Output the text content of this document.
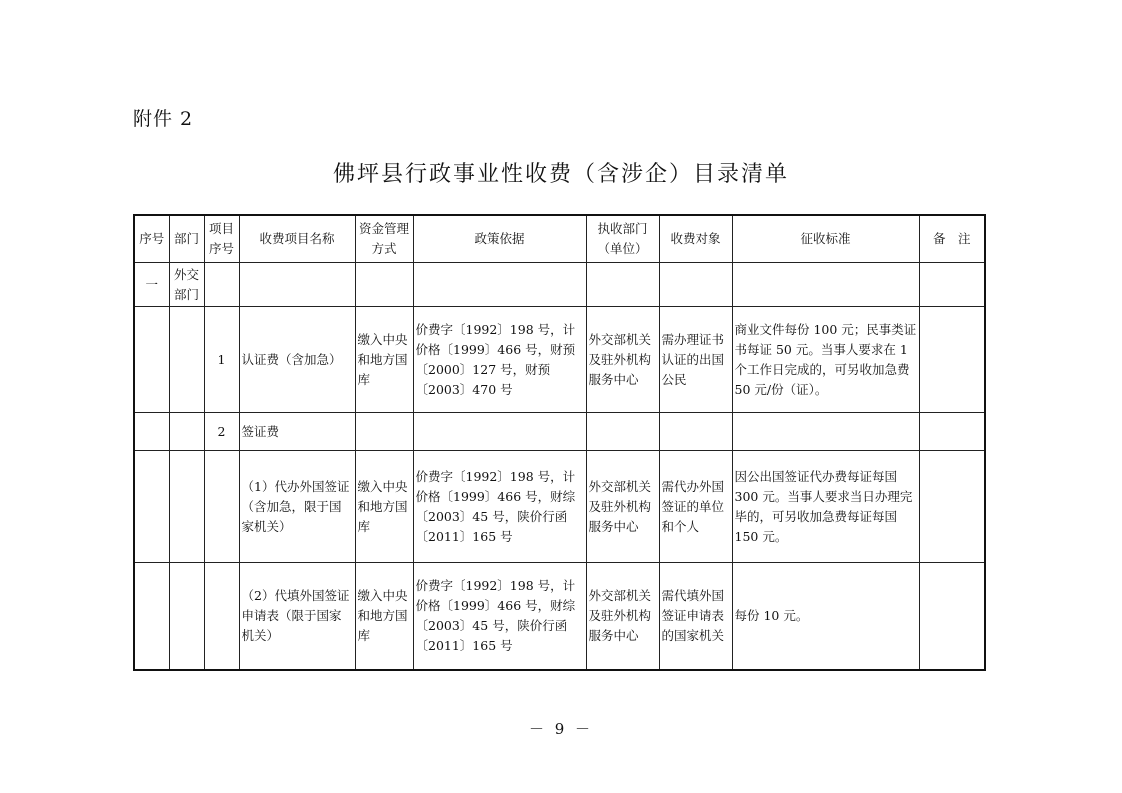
附件 2
佛坪县行政事业性收费（含涉企）目录清单
序号	部门	项目序号	收费项目名称	资金管理方式	政策依据	执收部门（单位）	收费对象	征收标准	备　注
一	外交部门								
		1	认证费（含加急）	缴入中央和地方国库	价费字〔1992〕198 号，计价格〔1999〕466 号，财预〔2000〕127 号，财预〔2003〕470 号	外交部机关及驻外机构服务中心	需办理证书认证的出国公民	商业文件每份 100 元；民事类证书每证 50 元。当事人要求在 1 个工作日完成的，可另收加急费 50 元/份（证）。	
		2	签证费						
			（1）代办外国签证（含加急，限于国家机关）	缴入中央和地方国库	价费字〔1992〕198 号，计价格〔1999〕466 号，财综〔2003〕45 号，陕价行函〔2011〕165 号	外交部机关及驻外机构服务中心	需代办外国签证的单位和个人	因公出国签证代办费每证每国 300 元。当事人要求当日办理完毕的，可另收加急费每证每国 150 元。	
			（2）代填外国签证申请表（限于国家机关）	缴入中央和地方国库	价费字〔1992〕198 号，计价格〔1999〕466 号，财综〔2003〕45 号，陕价行函〔2011〕165 号	外交部机关及驻外机构服务中心	需代填外国签证申请表的国家机关	每份 10 元。	
－ 9 －
